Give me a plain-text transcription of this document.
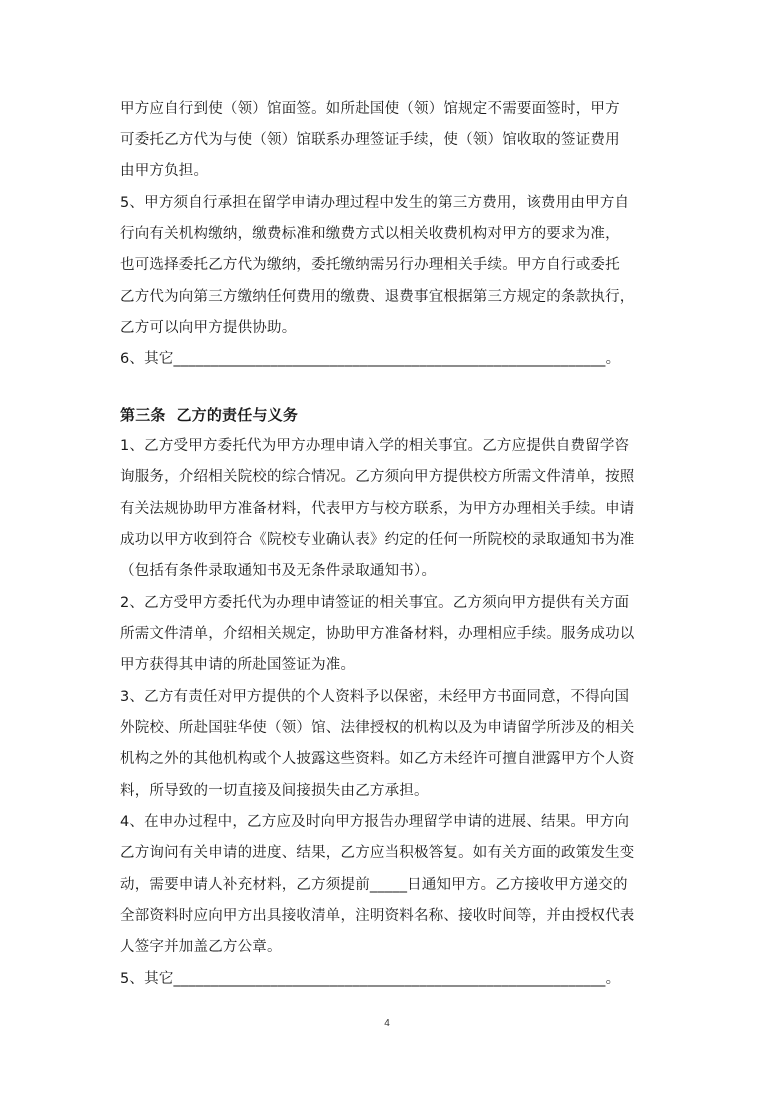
甲方应自行到使（领）馆面签。如所赴国使（领）馆规定不需要面签时，甲方
可委托乙方代为与使（领）馆联系办理签证手续，使（领）馆收取的签证费用
由甲方负担。
5、甲方须自行承担在留学申请办理过程中发生的第三方费用，该费用由甲方自
行向有关机构缴纳，缴费标准和缴费方式以相关收费机构对甲方的要求为准，
也可选择委托乙方代为缴纳，委托缴纳需另行办理相关手续。甲方自行或委托
乙方代为向第三方缴纳任何费用的缴费、退费事宜根据第三方规定的条款执行，
乙方可以向甲方提供协助。
6、其它__________________________________________________________。
第三条  乙方的责任与义务
1、乙方受甲方委托代为甲方办理申请入学的相关事宜。乙方应提供自费留学咨
询服务，介绍相关院校的综合情况。乙方须向甲方提供校方所需文件清单，按照
有关法规协助甲方准备材料，代表甲方与校方联系，为甲方办理相关手续。申请
成功以甲方收到符合《院校专业确认表》约定的任何一所院校的录取通知书为准
（包括有条件录取通知书及无条件录取通知书）。
2、乙方受甲方委托代为办理申请签证的相关事宜。乙方须向甲方提供有关方面
所需文件清单，介绍相关规定，协助甲方准备材料，办理相应手续。服务成功以
甲方获得其申请的所赴国签证为准。
3、乙方有责任对甲方提供的个人资料予以保密，未经甲方书面同意，不得向国
外院校、所赴国驻华使（领）馆、法律授权的机构以及为申请留学所涉及的相关
机构之外的其他机构或个人披露这些资料。如乙方未经许可擅自泄露甲方个人资
料，所导致的一切直接及间接损失由乙方承担。
4、在申办过程中，乙方应及时向甲方报告办理留学申请的进展、结果。甲方向
乙方询问有关申请的进度、结果，乙方应当积极答复。如有关方面的政策发生变
动，需要申请人补充材料，乙方须提前_____日通知甲方。乙方接收甲方递交的
全部资料时应向甲方出具接收清单，注明资料名称、接收时间等，并由授权代表
人签字并加盖乙方公章。
5、其它__________________________________________________________。
4
